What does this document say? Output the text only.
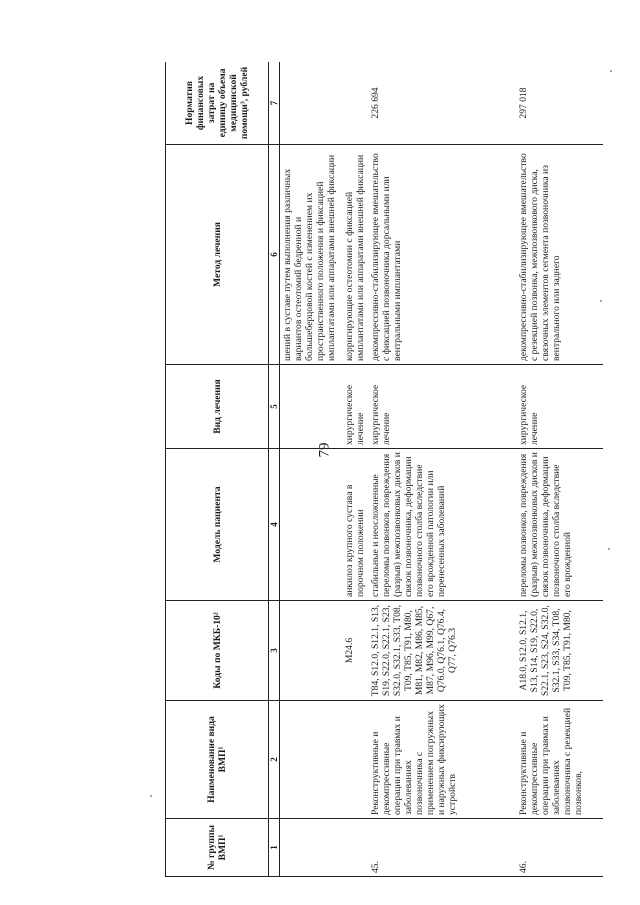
79
№ группы ВМП¹	Наименование вида ВМП¹	Коды по МКБ-10²	Модель пациента	Вид лечения	Метод лечения	Норматив финансовых затрат на единицу объема медицинской помощи³, рублей
1	2	3	4	5	6	7
					шений в суставе путем выполнения различных вариантов остеотомий бедренной и большеберцовой костей с изменением их пространственного положения и фиксацией имплантатами или аппаратами внешней фиксации	
		M24.6	анкилоз крупного сустава в порочном положении	хирургическое лечение	корригирующие остеотомии с фиксацией имплантатами или аппаратами внешней фиксации	
45.	Реконструктивные и декомпрессивные операции при травмах и заболеваниях позвоночника с применением погружных и наружных фиксирующих устройств	T84, S12.0, S12.1, S13, S19, S22.0, S22.1, S23, S32.0, S32.1, S33, T08, T09, T85, T91, M80, M81, M82, M86, M85, M87, M96, M99, Q67, Q76.0, Q76.1, Q76.4, Q77, Q76.3	стабильные и неосложненные переломы позвонков, повреждения (разрыв) межпозвонковых дисков и связок позвоночника, деформации позвоночного столба вследствие его врожденной патологии или перенесенных заболеваний	хирургическое лечение	декомпрессивно-стабилизирующее вмешательство с фиксацией позвоночника дорсальными или вентральными имплантатами	226 694
46.	Реконструктивные и декомпрессивные операции при травмах и заболеваниях позвоночника с резекцией позвонков,	A18.0, S12.0, S12.1, S13, S14, S19, S22.0, S22.1, S23, S24, S32.0, S32.1, S33, S34, T08, T09, T85, T91, M80,	переломы позвонков, повреждения (разрыв) межпозвонковых дисков и связок позвоночника, деформации позвоночного столба вследствие его врожденной	хирургическое лечение	декомпрессивно-стабилизирующее вмешательство с резекцией позвонка, межпозвонкового диска, связочных элементов сегмента позвоночника из вентрального или заднего	297 018
